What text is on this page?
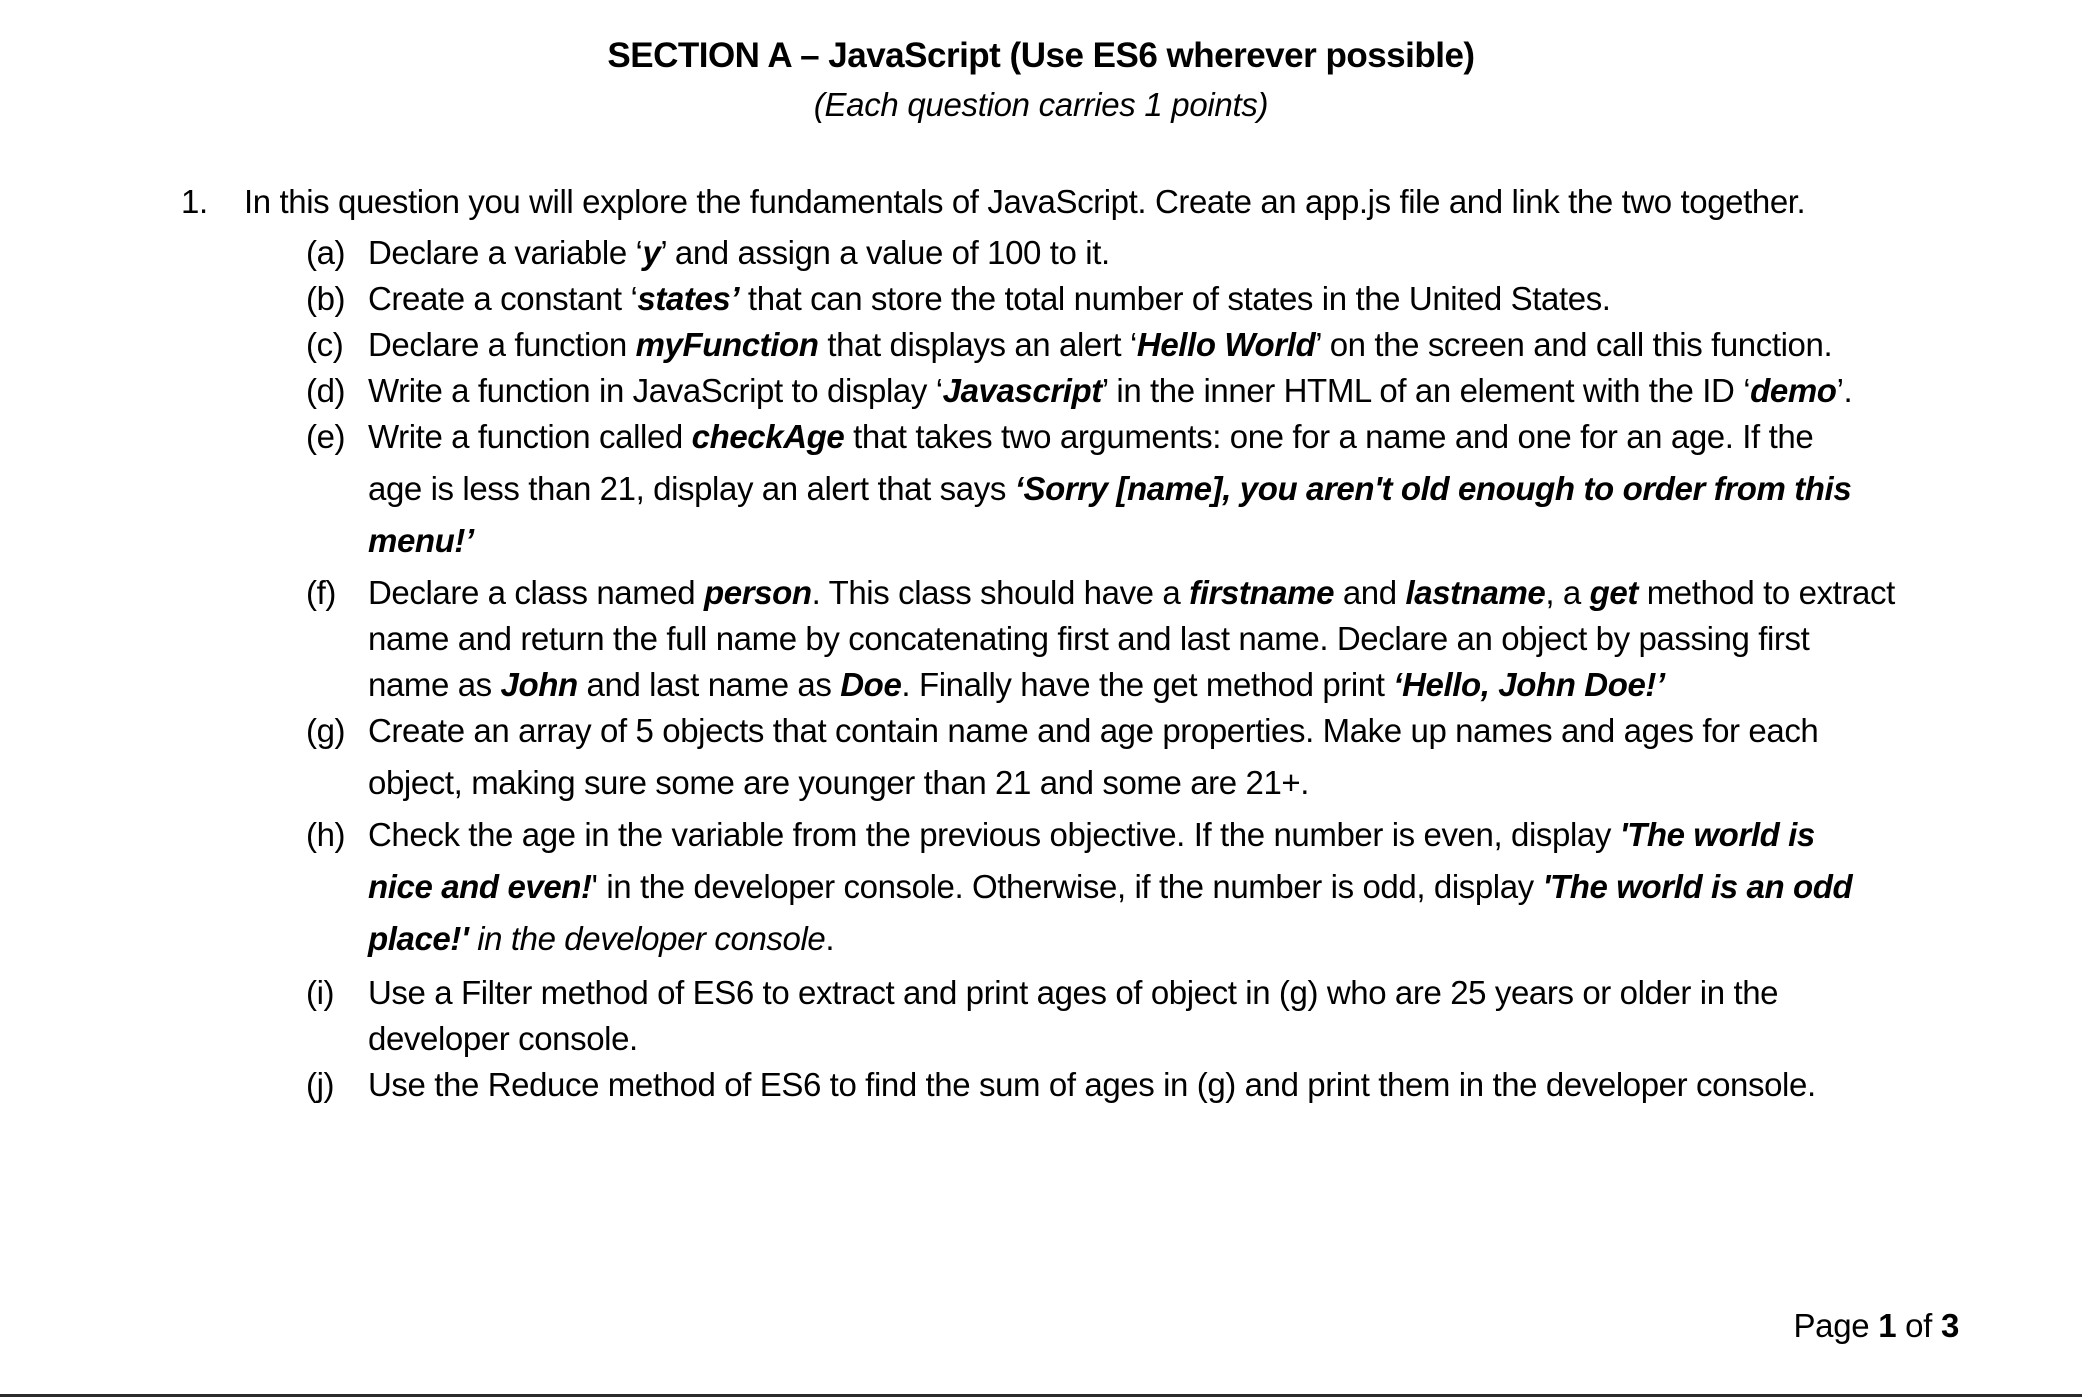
SECTION A – JavaScript (Use ES6 wherever possible)
(Each question carries 1 points)
1. In this question you will explore the fundamentals of JavaScript. Create an app.js file and link the two together.
(a) Declare a variable ‘y’ and assign a value of 100 to it.
(b) Create a constant ‘states’ that can store the total number of states in the United States.
(c) Declare a function myFunction that displays an alert ‘Hello World’ on the screen and call this function.
(d) Write a function in JavaScript to display ‘Javascript’ in the inner HTML of an element with the ID ‘demo’.
(e) Write a function called checkAge that takes two arguments: one for a name and one for an age. If the
age is less than 21, display an alert that says ‘Sorry [name], you aren't old enough to order from this
menu!’
(f) Declare a class named person. This class should have a firstname and lastname, a get method to extract
name and return the full name by concatenating first and last name. Declare an object by passing first
name as John and last name as Doe. Finally have the get method print ‘Hello, John Doe!’
(g) Create an array of 5 objects that contain name and age properties. Make up names and ages for each
object, making sure some are younger than 21 and some are 21+.
(h) Check the age in the variable from the previous objective. If the number is even, display 'The world is
nice and even!' in the developer console. Otherwise, if the number is odd, display 'The world is an odd
place!' in the developer console.
(i) Use a Filter method of ES6 to extract and print ages of object in (g) who are 25 years or older in the
developer console.
(j) Use the Reduce method of ES6 to find the sum of ages in (g) and print them in the developer console.
Page 1 of 3
